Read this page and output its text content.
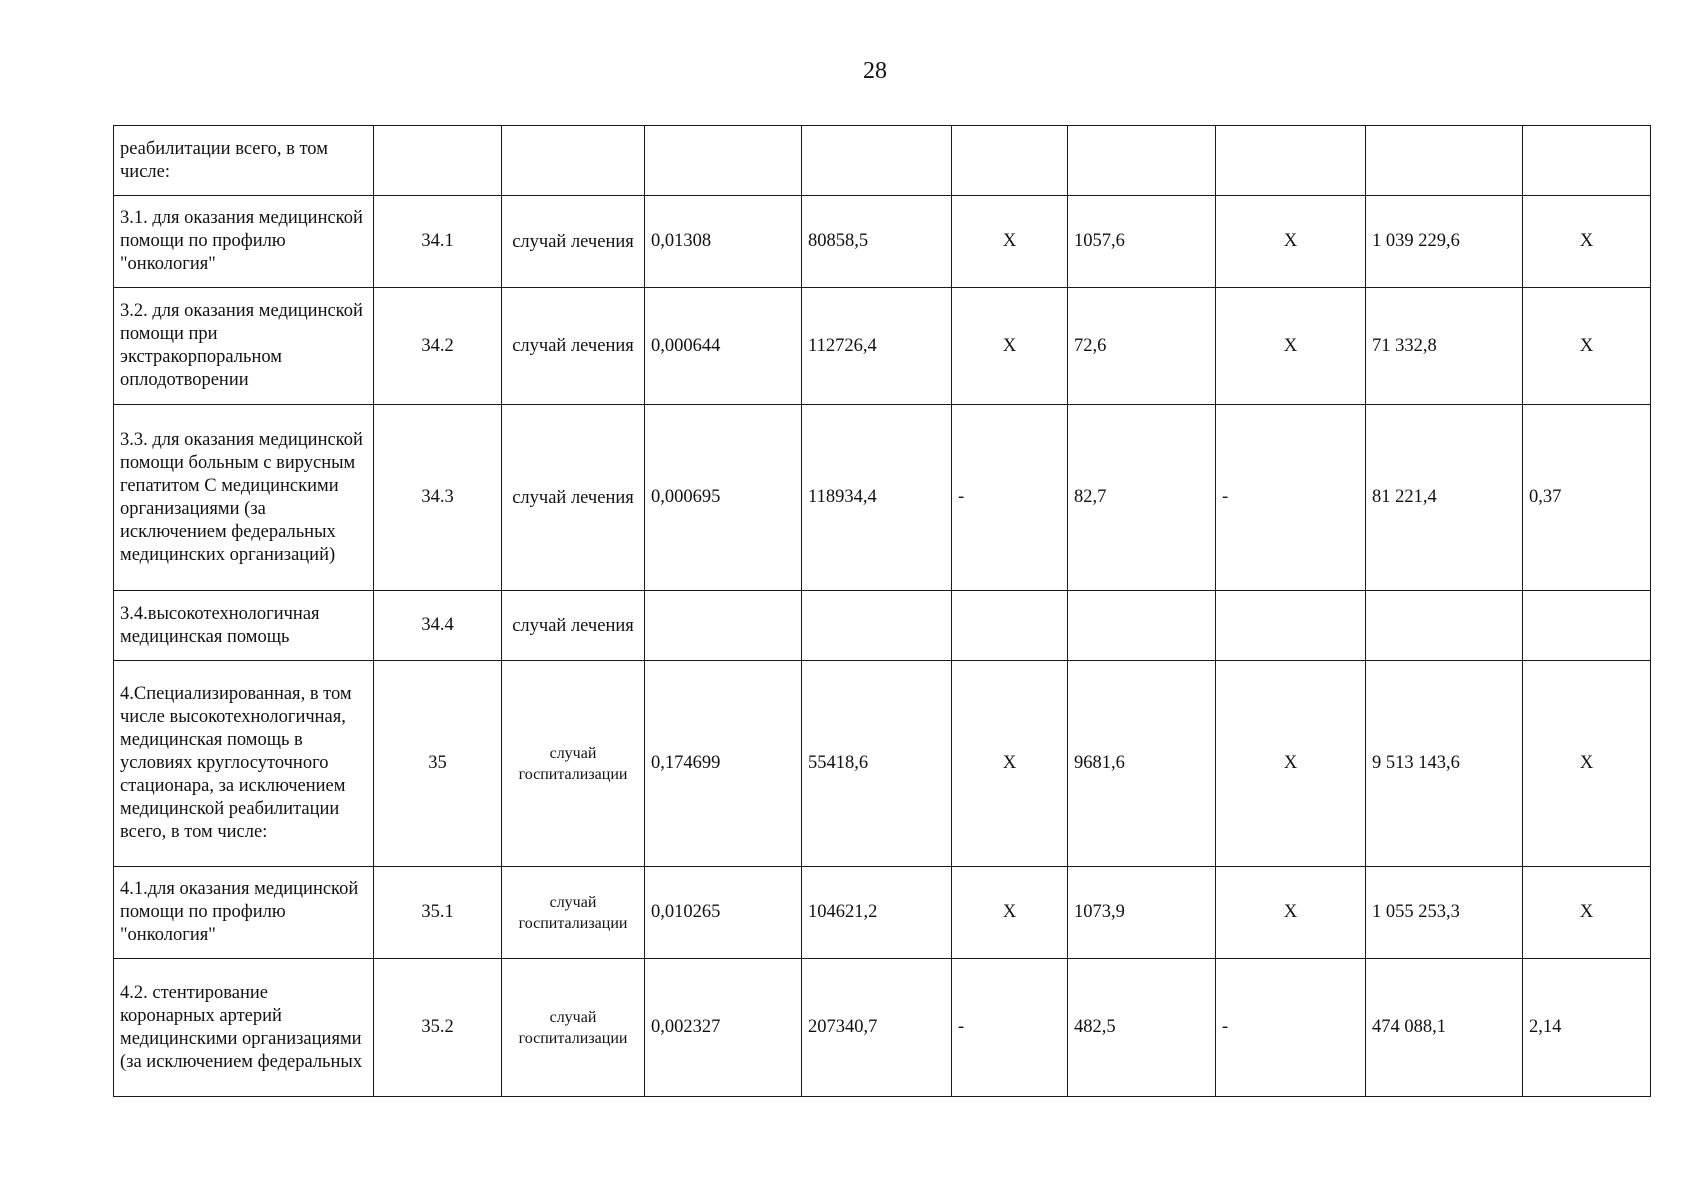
28
реабилитации всего, в том числе:									
3.1. для оказания медицинской помощи по профилю "онкология"	34.1	случай лечения	0,01308	80858,5	X	1057,6	X	1 039 229,6	X
3.2. для оказания медицинской помощи при экстракорпоральном оплодотворении	34.2	случай лечения	0,000644	112726,4	X	72,6	X	71 332,8	X
3.3. для оказания медицинской помощи больным с вирусным гепатитом С медицинскими организациями (за исключением федеральных медицинских организаций)	34.3	случай лечения	0,000695	118934,4	-	82,7	-	81 221,4	0,37
3.4.высокотехнологичная медицинская помощь	34.4	случай лечения							
4.Специализированная, в том числе высокотехнологичная, медицинская помощь в условиях круглосуточного стационара, за исключением медицинской реабилитации всего, в том числе:	35	случай госпитализации	0,174699	55418,6	X	9681,6	X	9 513 143,6	X
4.1.для оказания медицинской помощи по профилю "онкология"	35.1	случай госпитализации	0,010265	104621,2	X	1073,9	X	1 055 253,3	X
4.2. стентирование коронарных артерий медицинскими организациями (за исключением федеральных	35.2	случай госпитализации	0,002327	207340,7	-	482,5	-	474 088,1	2,14
